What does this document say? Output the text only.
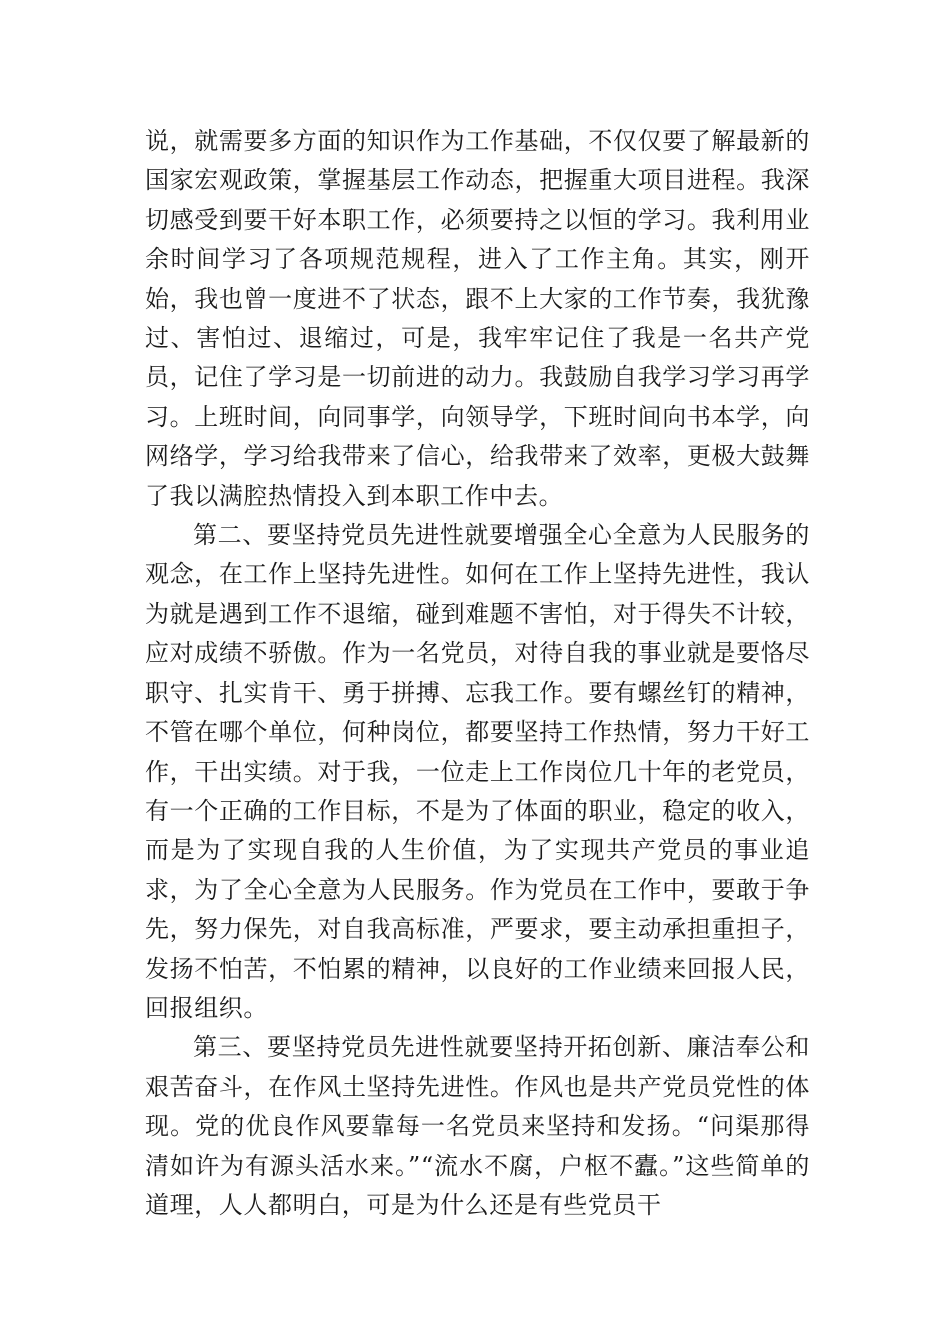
说，就需要多方面的知识作为工作基础，不仅仅要了解最新的国家宏观政策，掌握基层工作动态，把握重大项目进程。我深切感受到要干好本职工作，必须要持之以恒的学习。我利用业余时间学习了各项规范规程，进入了工作主角。其实，刚开始，我也曾一度进不了状态，跟不上大家的工作节奏，我犹豫过、害怕过、退缩过，可是，我牢牢记住了我是一名共产党员，记住了学习是一切前进的动力。我鼓励自我学习学习再学习。上班时间，向同事学，向领导学，下班时间向书本学，向网络学，学习给我带来了信心，给我带来了效率，更极大鼓舞了我以满腔热情投入到本职工作中去。

第二、要坚持党员先进性就要增强全心全意为人民服务的观念，在工作上坚持先进性。如何在工作上坚持先进性，我认为就是遇到工作不退缩，碰到难题不害怕，对于得失不计较，应对成绩不骄傲。作为一名党员，对待自我的事业就是要恪尽职守、扎实肯干、勇于拼搏、忘我工作。要有螺丝钉的精神，不管在哪个单位，何种岗位，都要坚持工作热情，努力干好工作，干出实绩。对于我，一位走上工作岗位几十年的老党员，有一个正确的工作目标，不是为了体面的职业，稳定的收入，而是为了实现自我的人生价值，为了实现共产党员的事业追求，为了全心全意为人民服务。作为党员在工作中，要敢于争先，努力保先，对自我高标准，严要求，要主动承担重担子，发扬不怕苦，不怕累的精神，以良好的工作业绩来回报人民，回报组织。

第三、要坚持党员先进性就要坚持开拓创新、廉洁奉公和艰苦奋斗，在作风土坚持先进性。作风也是共产党员党性的体现。党的优良作风要靠每一名党员来坚持和发扬。“问渠那得清如许为有源头活水来。”“流水不腐，户枢不蠹。”这些简单的道理，人人都明白，可是为什么还是有些党员干
